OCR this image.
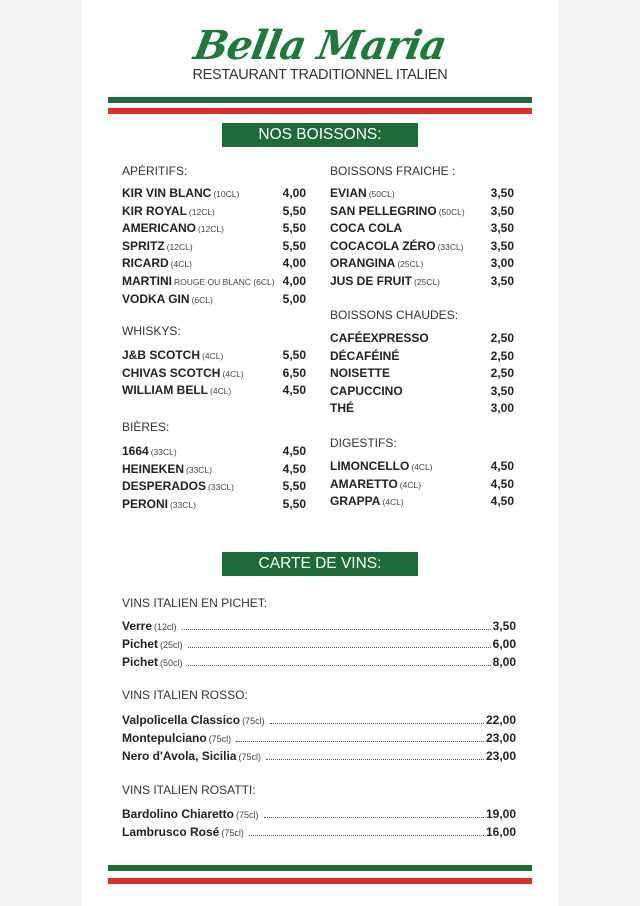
Bella Maria
RESTAURANT TRADITIONNEL ITALIEN
NOS BOISSONS:
APÉRITIFS:
KIR VIN BLANC (10CL)	4,00
KIR ROYAL (12CL)	5,50
AMERICANO (12CL)	5,50
SPRITZ (12CL)	5,50
RICARD (4CL)	4,00
MARTINI ROUGE OU BLANC (6CL) 4,00
VODKA GIN (6CL)	5,00
WHISKYS:
J&B SCOTCH (4CL)	5,50
CHIVAS SCOTCH (4CL)	6,50
WILLIAM BELL (4CL)	4,50
BIÈRES:
1664 (33CL)	4,50
HEINEKEN (33CL)	4,50
DESPERADOS (33CL)	5,50
PERONI (33CL)	5,50
BOISSONS FRAICHE :
EVIAN (50CL)	3,50
SAN PELLEGRINO (50CL) 3,50
COCA COLA	3,50
COCACOLA ZÉRO (33CL) 3,50
ORANGINA (25CL)	3,00
JUS DE FRUIT (25CL)	3,50
BOISSONS CHAUDES:
CAFÉEXPRESSO	2,50
DÉCAFÉINÉ	2,50
NOISETTE	2,50
CAPUCCINO	3,50
THÉ	3,00
DIGESTIFS:
LIMONCELLO (4CL)	4,50
AMARETTO (4CL)	4,50
GRAPPA (4CL)	4,50
CARTE DE VINS:
VINS ITALIEN EN PICHET:
Verre (12cl)	3,50
Pichet (25cl)	6,00
Pichet (50cl)	8,00
VINS ITALIEN ROSSO:
Valpolicella Classico (75cl)	22,00
Montepulciano (75cl)	23,00
Nero d'Avola, Sicilia (75cl)	23,00
VINS ITALIEN ROSATTI:
Bardolino Chiaretto (75cl)	19,00
Lambrusco Rosé (75cl)	16,00
